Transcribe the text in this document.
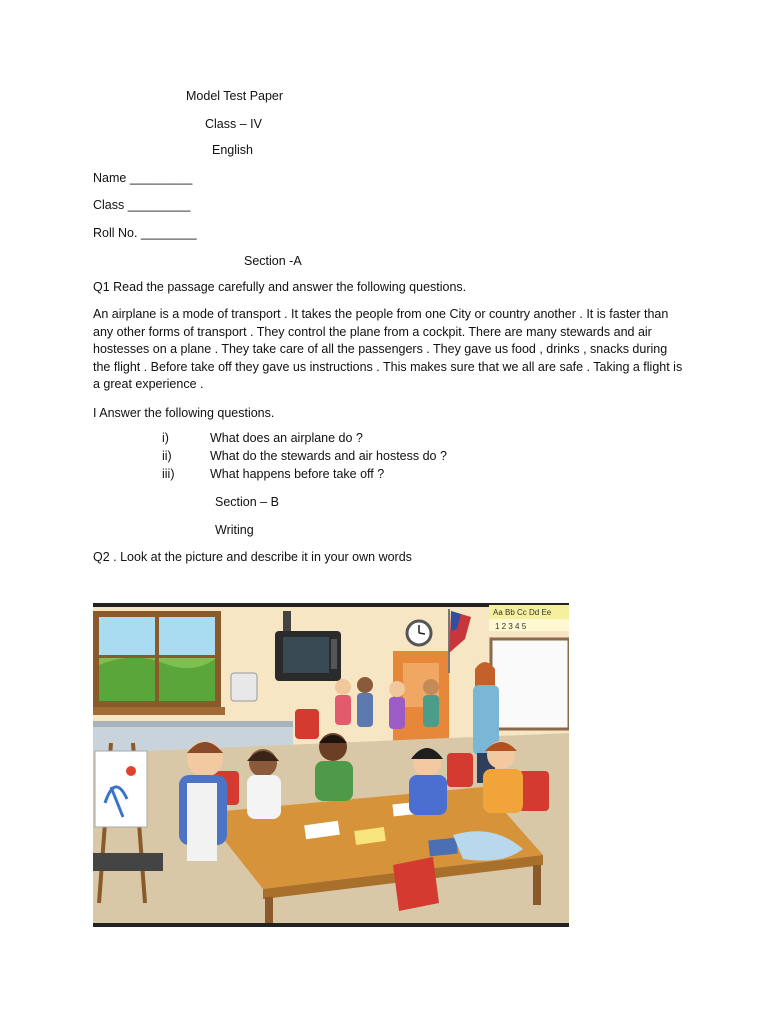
Model Test Paper
Class – IV
English
Name _________
Class _________
Roll No. ________
Section -A
Q1 Read the passage carefully and answer the following questions.
An airplane is a mode of transport . It takes the people from one City or country another . It is faster than any other forms of transport . They control the plane from a cockpit. There are many stewards and air hostesses on a plane . They take care of all the passengers . They gave us food , drinks , snacks during the flight . Before take off they gave us instructions . This makes sure that we all are safe . Taking a flight is a great experience .
I Answer the following questions.
i)	What does an airplane do ?
ii)	What do the stewards and air hostess do ?
iii)	What happens before take off ?
Section – B
Writing
Q2 . Look at the picture and describe it in your own words
Aa Bb Cc Dd Ee
1 2 3 4 5
